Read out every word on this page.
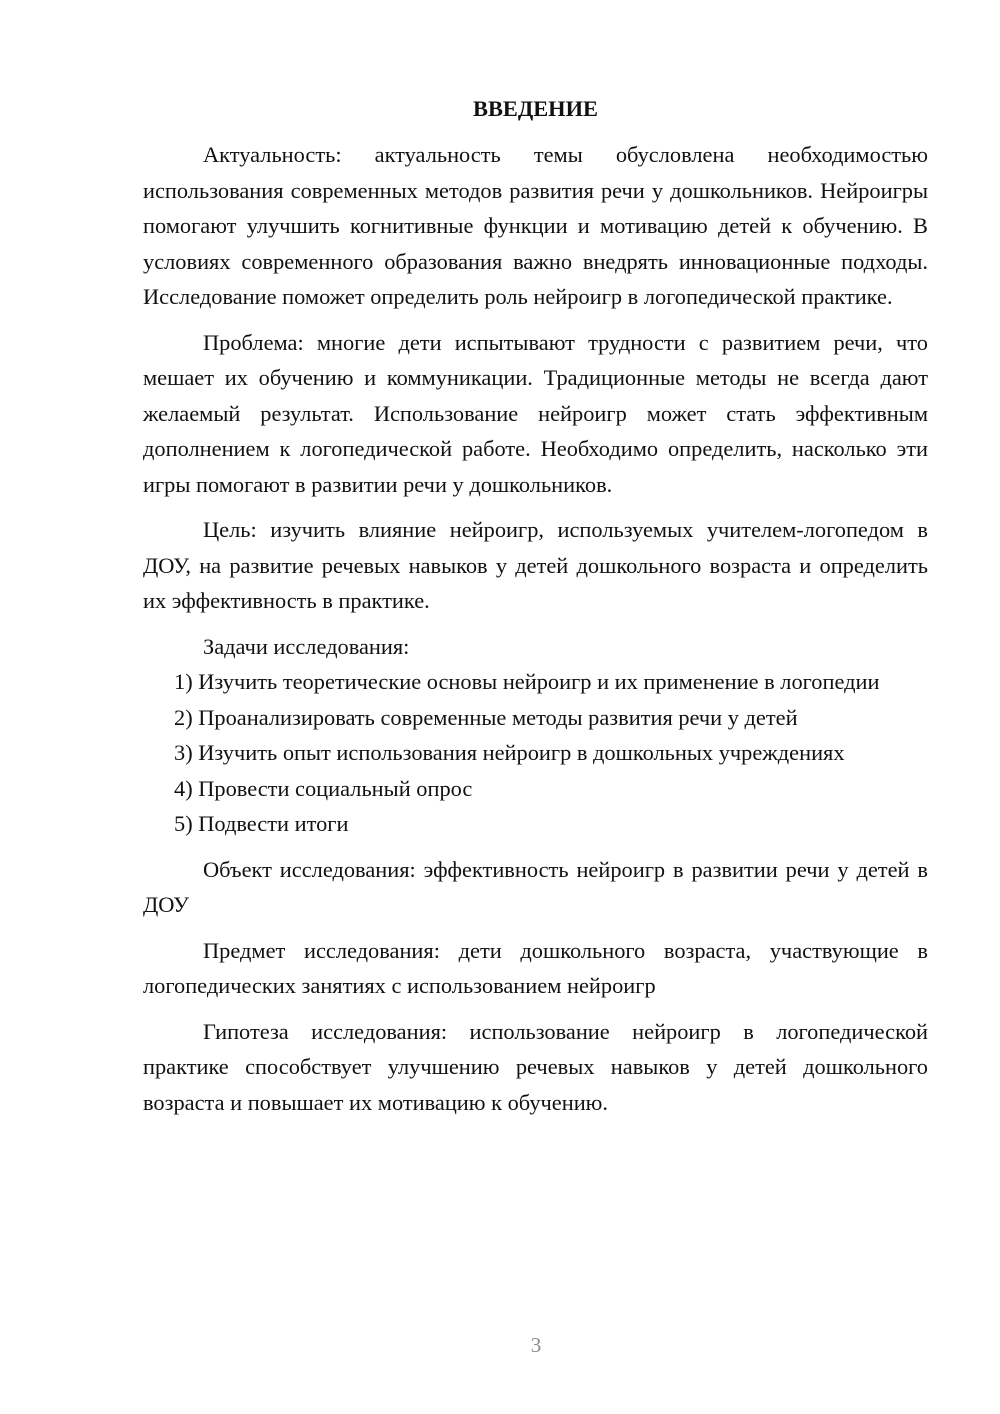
ВВЕДЕНИЕ

Актуальность: актуальность темы обусловлена необходимостью использования современных методов развития речи у дошкольников. Нейроигры помогают улучшить когнитивные функции и мотивацию детей к обучению. В условиях современного образования важно внедрять инновационные подходы. Исследование поможет определить роль нейроигр в логопедической практике.

Проблема: многие дети испытывают трудности с развитием речи, что мешает их обучению и коммуникации. Традиционные методы не всегда дают желаемый результат. Использование нейроигр может стать эффективным дополнением к логопедической работе. Необходимо определить, насколько эти игры помогают в развитии речи у дошкольников.

Цель: изучить влияние нейроигр, используемых учителем-логопедом в ДОУ, на развитие речевых навыков у детей дошкольного возраста и определить их эффективность в практике.

Задачи исследования:

1) Изучить теоретические основы нейроигр и их применение в логопедии

2) Проанализировать современные методы развития речи у детей

3) Изучить опыт использования нейроигр в дошкольных учреждениях

4) Провести социальный опрос

5) Подвести итоги

Объект исследования: эффективность нейроигр в развитии речи у детей в ДОУ

Предмет исследования: дети дошкольного возраста, участвующие в логопедических занятиях с использованием нейроигр

Гипотеза исследования: использование нейроигр в логопедической практике способствует улучшению речевых навыков у детей дошкольного возраста и повышает их мотивацию к обучению.

3
